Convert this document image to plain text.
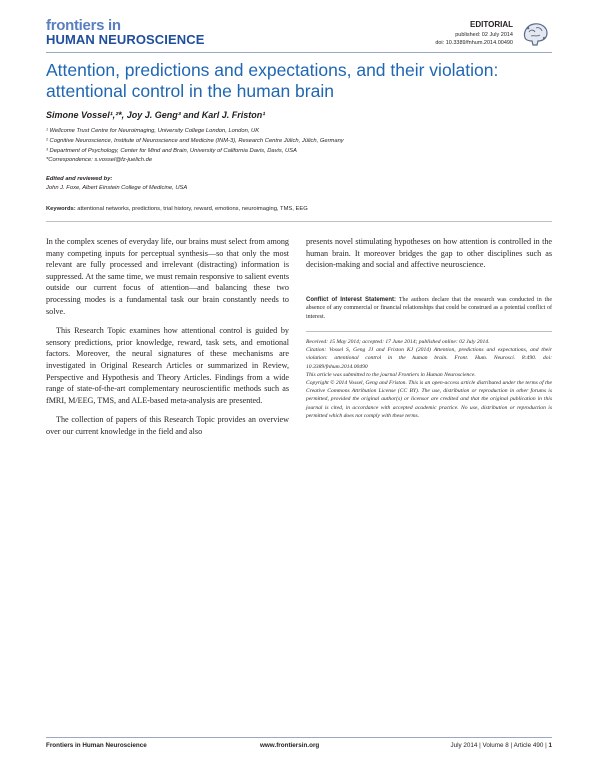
frontiers in
HUMAN NEUROSCIENCE
EDITORIAL
published: 02 July 2014
doi: 10.3389/fnhum.2014.00490
Attention, predictions and expectations, and their violation:
attentional control in the human brain
Simone Vossel¹,²*, Joy J. Geng³ and Karl J. Friston¹
¹ Wellcome Trust Centre for Neuroimaging, University College London, London, UK
² Cognitive Neuroscience, Institute of Neuroscience and Medicine (INM-3), Research Centre Jülich, Jülich, Germany
³ Department of Psychology, Center for Mind and Brain, University of California Davis, Davis, USA
*Correspondence: s.vossel@fz-juelich.de
Edited and reviewed by:
John J. Foxe, Albert Einstein College of Medicine, USA
Keywords: attentional networks, predictions, trial history, reward, emotions, neuroimaging, TMS, EEG

In the complex scenes of everyday life, our brains must select from among many competing inputs for perceptual synthesis—so that only the most relevant are fully processed and irrelevant (distracting) information is suppressed. At the same time, we must remain responsive to salient events outside our current focus of attention—and balancing these two processing modes is a fundamental task our brain constantly needs to solve.

This Research Topic examines how attentional control is guided by sensory predictions, prior knowledge, reward, task sets, and emotional factors. Moreover, the neural signatures of these mechanisms are investigated in Original Research Articles or summarized in Review, Perspective and Hypothesis and Theory Articles. Findings from a wide range of state-of-the-art complementary neuroscientific methods such as fMRI, M/EEG, TMS, and ALE-based meta-analysis are presented.

The collection of papers of this Research Topic provides an overview over our current knowledge in the field and also

presents novel stimulating hypotheses on how attention is controlled in the human brain. It moreover bridges the gap to other disciplines such as decision-making and social and affective neuroscience.

Conflict of Interest Statement: The authors declare that the research was conducted in the absence of any commercial or financial relationships that could be construed as a potential conflict of interest.
Received: 15 May 2014; accepted: 17 June 2014; published online: 02 July 2014.
Citation: Vossel S, Geng JJ and Friston KJ (2014) Attention, predictions and expectations, and their violation: attentional control in the human brain. Front. Hum. Neurosci. 8:490. doi: 10.3389/fnhum.2014.00490
This article was submitted to the journal Frontiers in Human Neuroscience.
Copyright © 2014 Vossel, Geng and Friston. This is an open-access article distributed under the terms of the Creative Commons Attribution License (CC BY). The use, distribution or reproduction in other forums is permitted, provided the original author(s) or licensor are credited and that the original publication in this journal is cited, in accordance with accepted academic practice. No use, distribution or reproduction is permitted which does not comply with these terms.
Frontiers in Human Neuroscience	www.frontiersin.org	July 2014 | Volume 8 | Article 490 | 1
